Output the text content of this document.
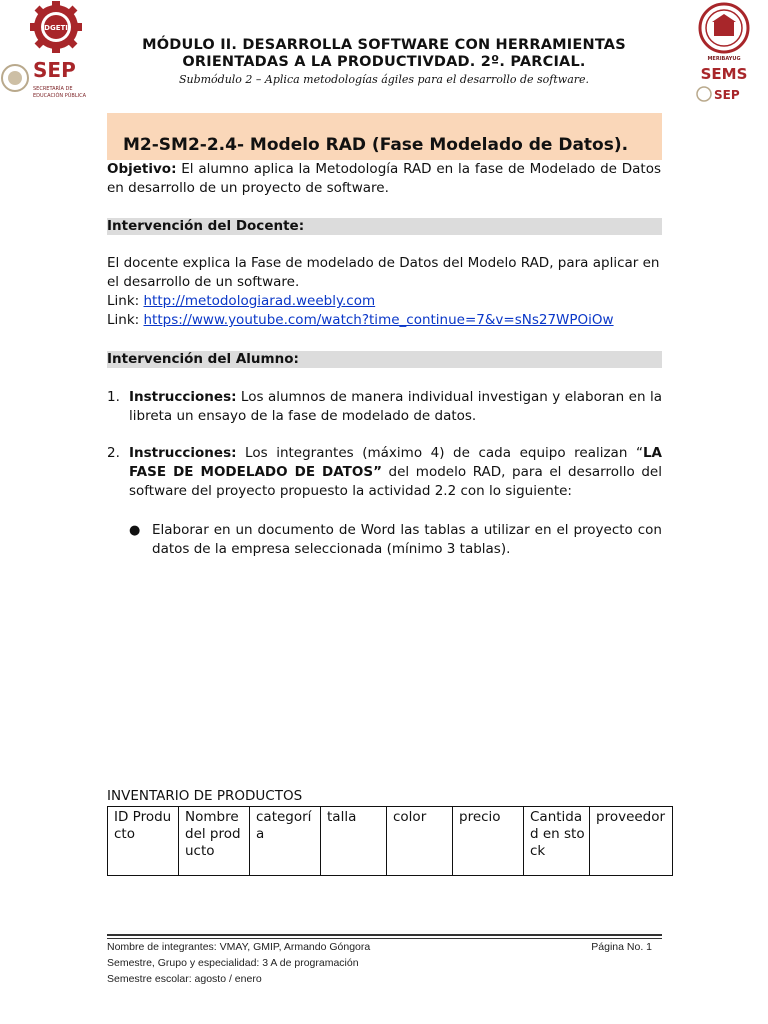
DGETI
SEP
SECRETARÍA DE
EDUCACIÓN PÚBLICA
MERIBAYUG
SEMS
SEP
MÓDULO II. DESARROLLA SOFTWARE CON HERRAMIENTAS
ORIENTADAS A LA PRODUCTIVDAD. 2º. PARCIAL.
Submódulo 2 – Aplica metodologías ágiles para el desarrollo de software.
M2-SM2-2.4- Modelo RAD (Fase Modelado de Datos).
Objetivo: El alumno aplica la Metodología RAD en la fase de Modelado de Datos en desarrollo de un proyecto de software.
Intervención del Docente:
El docente explica la Fase de modelado de Datos del Modelo RAD, para aplicar en el desarrollo de un software.
Link: http://metodologiarad.weebly.com
Link: https://www.youtube.com/watch?time_continue=7&v=sNs27WPOiOw
Intervención del Alumno:
1. Instrucciones: Los alumnos de manera individual investigan y elaboran en la libreta un ensayo de la fase de modelado de datos.
2. Instrucciones: Los integrantes (máximo 4) de cada equipo realizan “LA FASE DE MODELADO DE DATOS” del modelo RAD, para el desarrollo del software del proyecto propuesto la actividad 2.2 con lo siguiente:
● Elaborar en un documento de Word las tablas a utilizar en el proyecto con datos de la empresa seleccionada (mínimo 3 tablas).
INVENTARIO DE PRODUCTOS
ID Producto	Nombre del producto	categoría	talla	color	precio	Cantidad en stock	proveedor
Nombre de integrantes: VMAY, GMIP, Armando Góngora	Página No. 1
Semestre, Grupo y especialidad: 3 A de programación
Semestre escolar: agosto / enero
